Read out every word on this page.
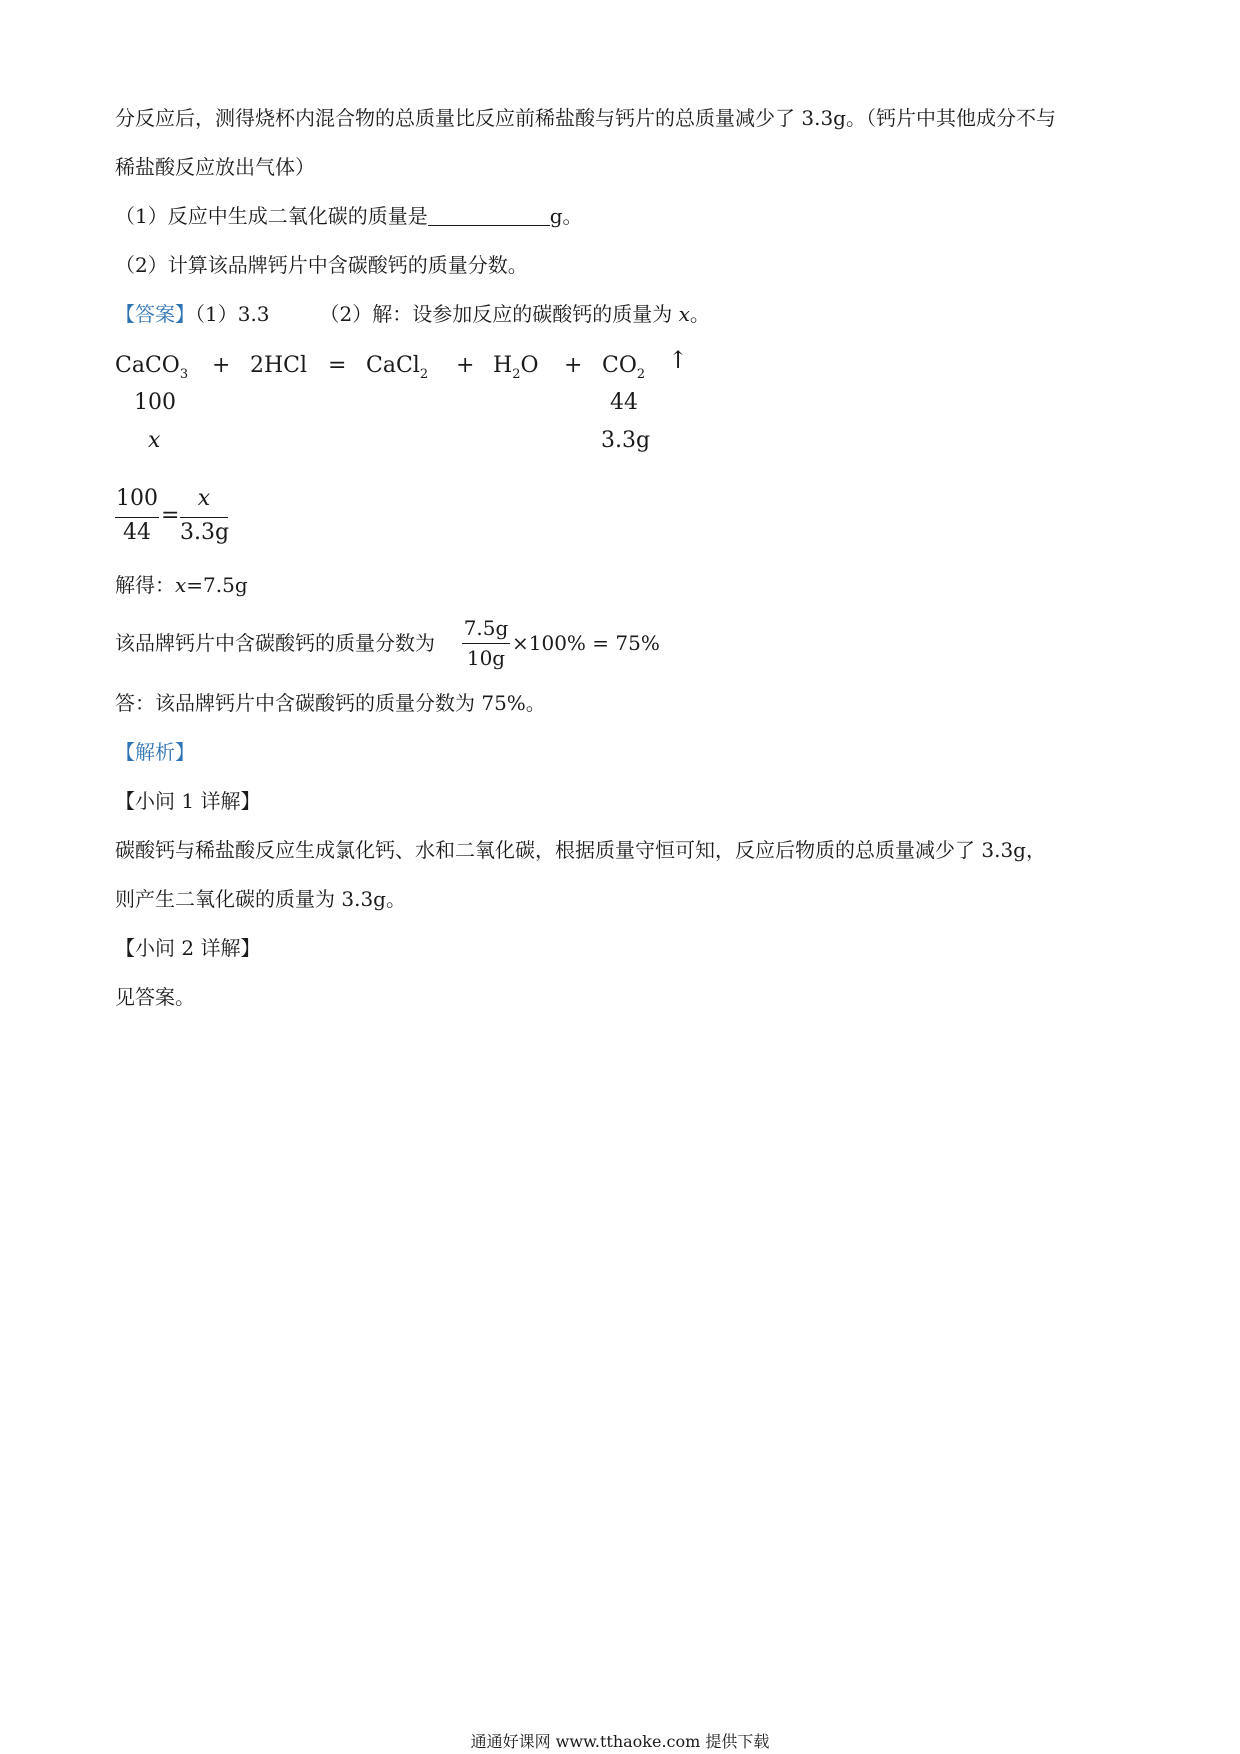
分反应后，测得烧杯内混合物的总质量比反应前稀盐酸与钙片的总质量减少了 3.3g。（钙片中其他成分不与
稀盐酸反应放出气体）
（1）反应中生成二氧化碳的质量是	g。
（2）计算该品牌钙片中含碳酸钙的质量分数。
【答案】（1）3.3	（2）解：设参加反应的碳酸钙的质量为 x。
CaCO$_3$ + 2HCl = CaCl$_2$ + $H_2O + CO_2$
↑
100	44
x	3.3g
100
44
=
x
3.3g
解得：x=7.5g
该品牌钙片中含碳酸钙的质量分数为
7.5g
10g
×100% = 75%
答：该品牌钙片中含碳酸钙的质量分数为 75%。
【解析】
【小问 1 详解】
碳酸钙与稀盐酸反应生成氯化钙、水和二氧化碳，根据质量守恒可知，反应后物质的总质量减少了 3.3g，
则产生二氧化碳的质量为 3.3g。
【小问 2 详解】
见答案。
通通好课网 www.tthaoke.com 提供下载
